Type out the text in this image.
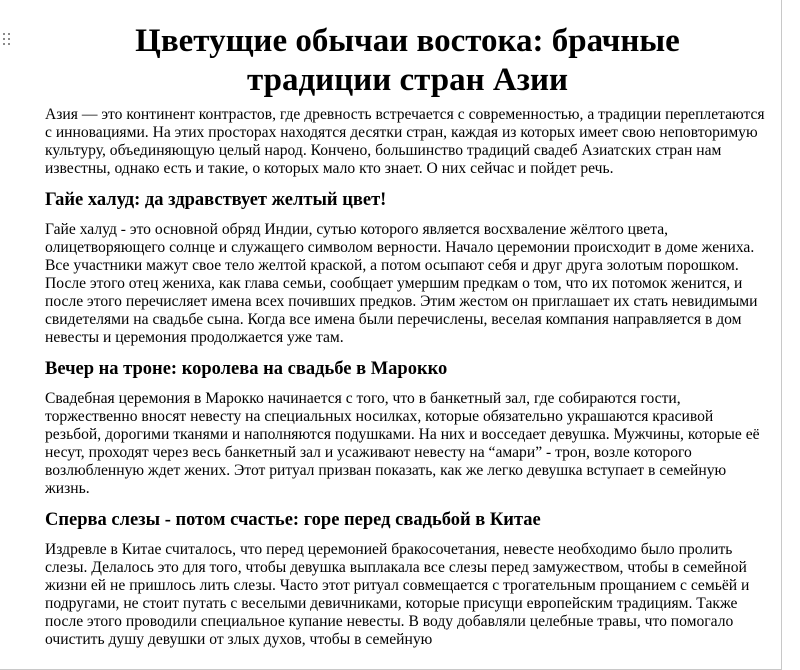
Цветущие обычаи востока: брачные традиции стран Азии

Азия — это континент контрастов, где древность встречается с современностью, а традиции переплетаются с инновациями. На этих просторах находятся десятки стран, каждая из которых имеет свою неповторимую культуру, объединяющую целый народ. Кончено, большинство традиций свадеб Азиатских стран нам известны, однако есть и такие, о которых мало кто знает. О них сейчас и пойдет речь.

Гайе халуд: да здравствует желтый цвет!

Гайе халуд - это основной обряд Индии, сутью которого является восхваление жёлтого цвета, олицетворяющего солнце и служащего символом верности. Начало церемонии происходит в доме жениха. Все участники мажут свое тело желтой краской, а потом осыпают себя и друг друга золотым порошком. После этого отец жениха, как глава семьи, сообщает умершим предкам о том, что их потомок женится, и после этого перечисляет имена всех почивших предков. Этим жестом он приглашает их стать невидимыми свидетелями на свадьбе сына. Когда все имена были перечислены, веселая компания направляется в дом невесты и церемония продолжается уже там.

Вечер на троне: королева на свадьбе в Марокко

Свадебная церемония в Марокко начинается с того, что в банкетный зал, где собираются гости, торжественно вносят невесту на специальных носилках, которые обязательно украшаются красивой резьбой, дорогими тканями и наполняются подушками. На них и восседает девушка. Мужчины, которые её несут, проходят через весь банкетный зал и усаживают невесту на “амари” - трон, возле которого возлюбленную ждет жених. Этот ритуал призван показать, как же легко девушка вступает в семейную жизнь.

Сперва слезы - потом счастье: горе перед свадьбой в Китае

Издревле в Китае считалось, что перед церемонией бракосочетания, невесте необходимо было пролить слезы. Делалось это для того, чтобы девушка выплакала все слезы перед замужеством, чтобы в семейной жизни ей не пришлось лить слезы. Часто этот ритуал совмещается с трогательным прощанием с семьёй и подругами, не стоит путать с веселыми девичниками, которые присущи европейским традициям. Также после этого проводили специальное купание невесты. В воду добавляли целебные травы, что помогало очистить душу девушки от злых духов, чтобы в семейную
